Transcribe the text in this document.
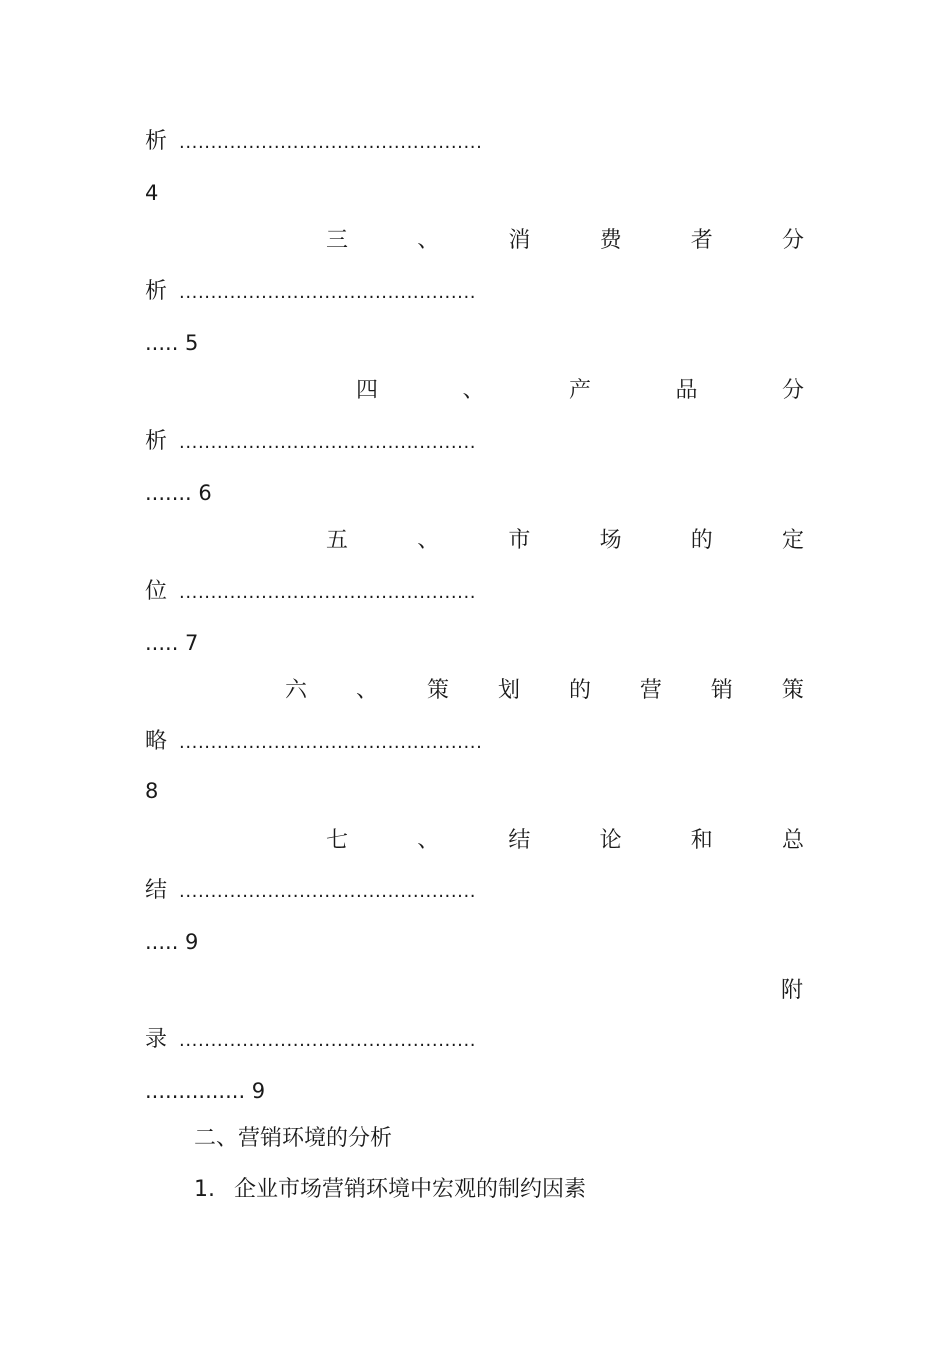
析 ................................................
4
三	、	消	费	者	分
析 ...............................................
..... 5
四	、	产	品	分
析 ...............................................
....... 6
五	、	市	场	的	定
位 ...............................................
..... 7
六 、 策 划 的 营 销 策
略 ................................................
8
七	、	结	论	和	总
结 ...............................................
..... 9
附
录 ...............................................
............... 9
二、营销环境的分析
1. 企业市场营销环境中宏观的制约因素
